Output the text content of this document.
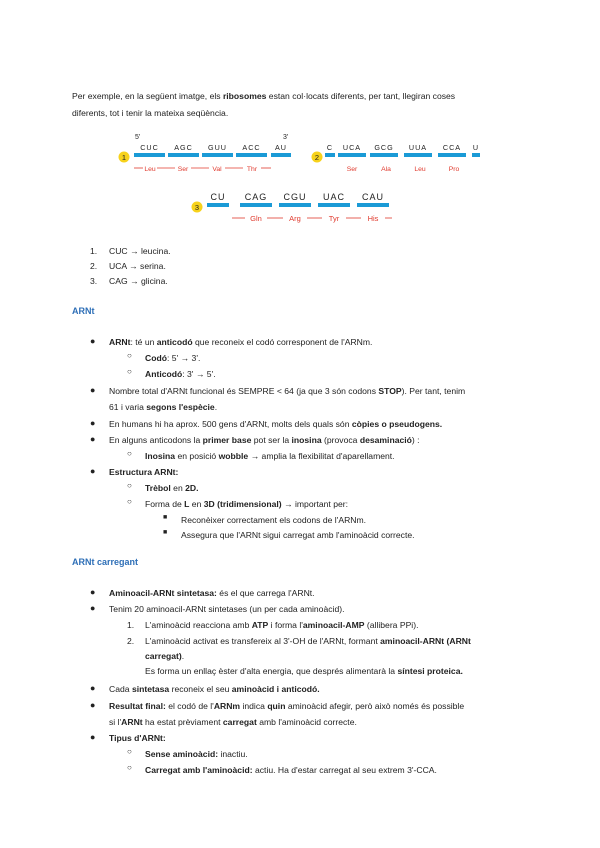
Per exemple, en la següent imatge, els ribosomes estan col·locats diferents, per tant, llegiran coses
diferents, tot i tenir la mateixa seqüència.
5'	3'
1
CUC AGC GUU ACC AU
Leu	Ser	Val	Thr
2
C UCA GCG UUA CCA U
Ser	Ala	Leu	Pro
3
CU CAG CGU UAC CAU
Gln	Arg	Tyr	His
1. CUC → leucina.
2. UCA → serina.
3. CAG → glicina.
ARNt
● ARNt: té un anticodó que reconeix el codó corresponent de l'ARNm.
○ Codó: 5' → 3'.
○ Anticodó: 3' → 5'.
● Nombre total d'ARNt funcional és SEMPRE < 64 (ja que 3 són codons STOP). Per tant, tenim
61 i varia segons l'espècie.
● En humans hi ha aprox. 500 gens d'ARNt, molts dels quals són còpies o pseudogens.
● En alguns anticodons la primer base pot ser la inosina (provoca desaminació) :
○ Inosina en posició wobble → amplia la flexibilitat d'aparellament.
● Estructura ARNt:
○ Trèbol en 2D.
○ Forma de L en 3D (tridimensional) → important per:
■ Reconèixer correctament els codons de l'ARNm.
■ Assegura que l'ARNt sigui carregat amb l'aminoàcid correcte.
ARNt carregant
● Aminoacil-ARNt sintetasa: és el que carrega l'ARNt.
● Tenim 20 aminoacil-ARNt sintetases (un per cada aminoàcid).
1. L'aminoàcid reacciona amb ATP i forma l'aminoacil-AMP (allibera PPi).
2. L'aminoàcid activat es transfereix al 3'-OH de l'ARNt, formant aminoacil-ARNt (ARNt
carregat).
Es forma un enllaç èster d'alta energia, que després alimentarà la síntesi proteica.
● Cada sintetasa reconeix el seu aminoàcid i anticodó.
● Resultat final: el codó de l'ARNm indica quin aminoàcid afegir, però això només és possible
si l'ARNt ha estat prèviament carregat amb l'aminoàcid correcte.
● Tipus d'ARNt:
○ Sense aminoàcid: inactiu.
○ Carregat amb l'aminoàcid: actiu. Ha d'estar carregat al seu extrem 3'-CCA.
